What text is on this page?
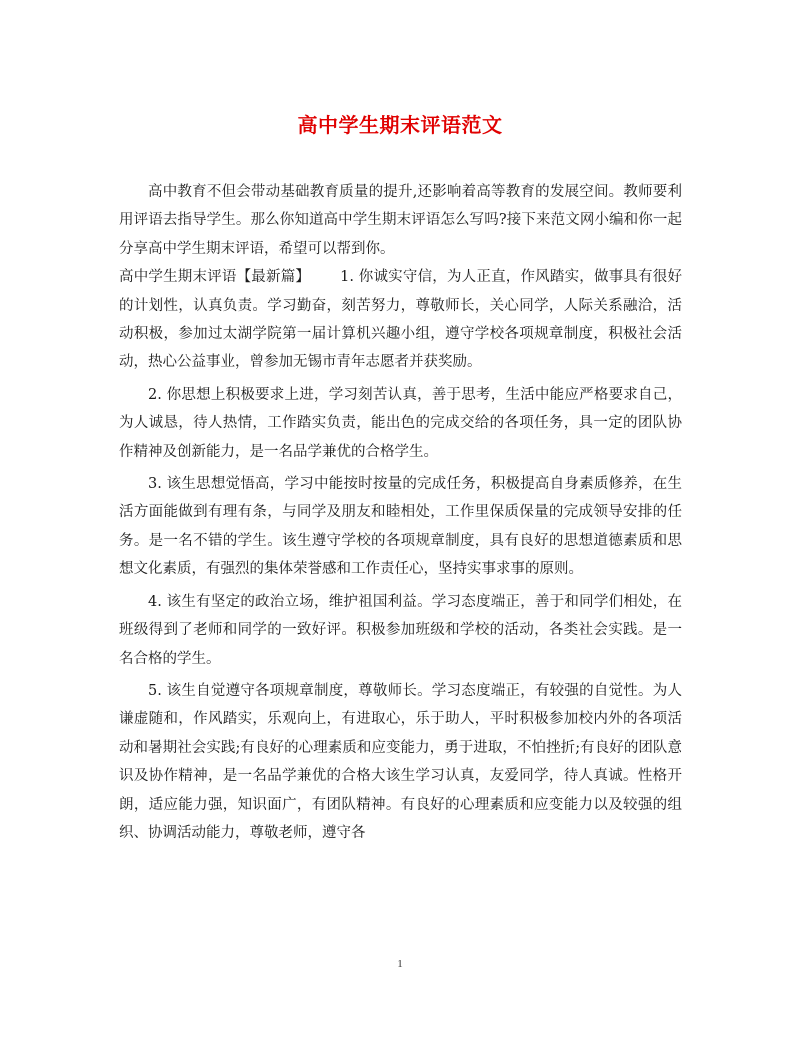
高中学生期末评语范文

高中教育不但会带动基础教育质量的提升,还影响着高等教育的发展空间。教师要利用评语去指导学生。那么你知道高中学生期末评语怎么写吗?接下来范文网小编和你一起分享高中学生期末评语，希望可以帮到你。

高中学生期末评语【最新篇】 1. 你诚实守信，为人正直，作风踏实，做事具有很好的计划性，认真负责。学习勤奋，刻苦努力，尊敬师长，关心同学，人际关系融洽，活动积极，参加过太湖学院第一届计算机兴趣小组，遵守学校各项规章制度，积极社会活动，热心公益事业，曾参加无锡市青年志愿者并获奖励。

2. 你思想上积极要求上进，学习刻苦认真，善于思考，生活中能应严格要求自己，为人诚恳，待人热情，工作踏实负责，能出色的完成交给的各项任务，具一定的团队协作精神及创新能力，是一名品学兼优的合格学生。

3. 该生思想觉悟高，学习中能按时按量的完成任务，积极提高自身素质修养，在生活方面能做到有理有条，与同学及朋友和睦相处，工作里保质保量的完成领导安排的任务。是一名不错的学生。该生遵守学校的各项规章制度，具有良好的思想道德素质和思想文化素质，有强烈的集体荣誉感和工作责任心，坚持实事求事的原则。

4. 该生有坚定的政治立场，维护祖国利益。学习态度端正，善于和同学们相处，在班级得到了老师和同学的一致好评。积极参加班级和学校的活动，各类社会实践。是一名合格的学生。

5. 该生自觉遵守各项规章制度，尊敬师长。学习态度端正，有较强的自觉性。为人谦虚随和，作风踏实，乐观向上，有进取心，乐于助人，平时积极参加校内外的各项活动和暑期社会实践;有良好的心理素质和应变能力，勇于进取，不怕挫折;有良好的团队意识及协作精神，是一名品学兼优的合格大该生学习认真，友爱同学，待人真诚。性格开朗，适应能力强，知识面广，有团队精神。有良好的心理素质和应变能力以及较强的组织、协调活动能力，尊敬老师，遵守各

1
